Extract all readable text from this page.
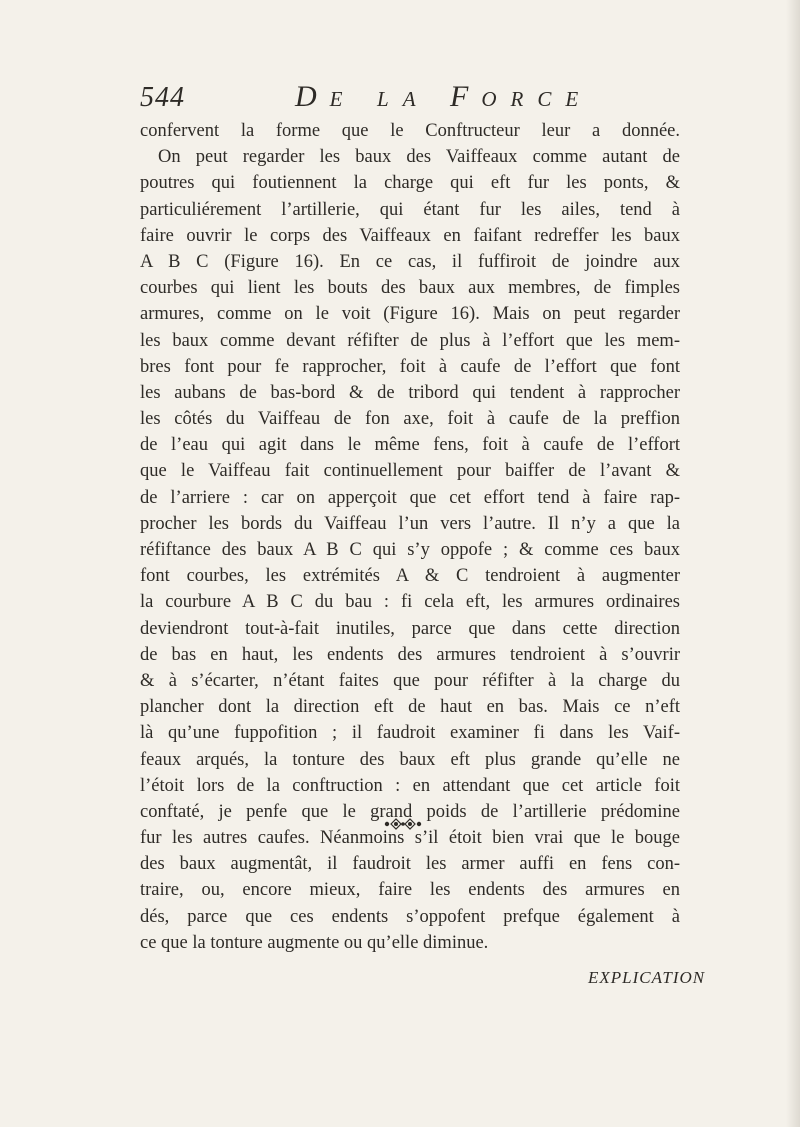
544	DE LA FORCE
confervent la forme que le Conftructeur leur a donnée.
On peut regarder les baux des Vaiffeaux comme autant de
poutres qui foutiennent la charge qui eft fur les ponts, &
particuliérement l’artillerie, qui étant fur les ailes, tend à
faire ouvrir le corps des Vaiffeaux en faifant redreffer les baux
A B C (Figure 16). En ce cas, il fuffiroit de joindre aux
courbes qui lient les bouts des baux aux membres, de fimples
armures, comme on le voit (Figure 16). Mais on peut regarder
les baux comme devant réfifter de plus à l’effort que les mem-
bres font pour fe rapprocher, foit à caufe de l’effort que font
les aubans de bas-bord & de tribord qui tendent à rapprocher
les côtés du Vaiffeau de fon axe, foit à caufe de la preffion
de l’eau qui agit dans le même fens, foit à caufe de l’effort
que le Vaiffeau fait continuellement pour baiffer de l’avant &
de l’arriere : car on apperçoit que cet effort tend à faire rap-
procher les bords du Vaiffeau l’un vers l’autre. Il n’y a que la
réfiftance des baux A B C qui s’y oppofe ; & comme ces baux
font courbes, les extrémités A & C tendroient à augmenter
la courbure A B C du bau : fi cela eft, les armures ordinaires
deviendront tout-à-fait inutiles, parce que dans cette direction
de bas en haut, les endents des armures tendroient à s’ouvrir
& à s’écarter, n’étant faites que pour réfifter à la charge du
plancher dont la direction eft de haut en bas. Mais ce n’eft
là qu’une fuppofition ; il faudroit examiner fi dans les Vaif-
feaux arqués, la tonture des baux eft plus grande qu’elle ne
l’étoit lors de la conftruction : en attendant que cet article foit
conftaté, je penfe que le grand poids de l’artillerie prédomine
fur les autres caufes. Néanmoins s’il étoit bien vrai que le bouge
des baux augmentât, il faudroit les armer auffi en fens con-
traire, ou, encore mieux, faire les endents des armures en
dés, parce que ces endents s’oppofent prefque également à
ce que la tonture augmente ou qu’elle diminue.
EXPLICATION
